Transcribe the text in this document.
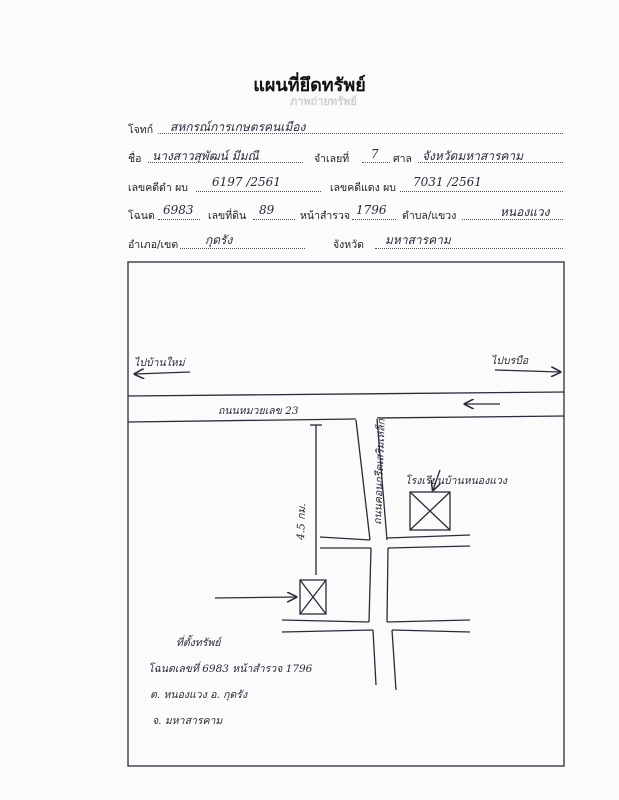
แผนที่ยึดทรัพย์
ภาพถ่ายทรัพย์
โจทก์ สหกรณ์การเกษตรคนเมือง
ชื่อ นางสาวสุพัฒน์ มีมณี	จำเลยที่ 7 ศาล จังหวัดมหาสารคาม
เลขคดีดำ ผบ 6197 /2561	เลขคดีแดง ผบ 7031 /2561
โฉนด 6983 เลขที่ดิน 89 หน้าสำรวจ 1796 ตำบล/แขวง	หนองแวง
อำเภอ/เขต กุดรัง	จังหวัด มหาสารคาม
ไปบ้านใหม่	ไปบรบือ
ถนนหมวยเลข 23
ถนนคอนกรีตเสริมเหล็ก
4.5 กม.
โรงเรียนบ้านหนองแวง
ที่ตั้งทรัพย์
โฉนดเลขที่ 6983 หน้าสำรวจ 1796
ต. หนองแวง อ. กุดรัง
จ. มหาสารคาม
